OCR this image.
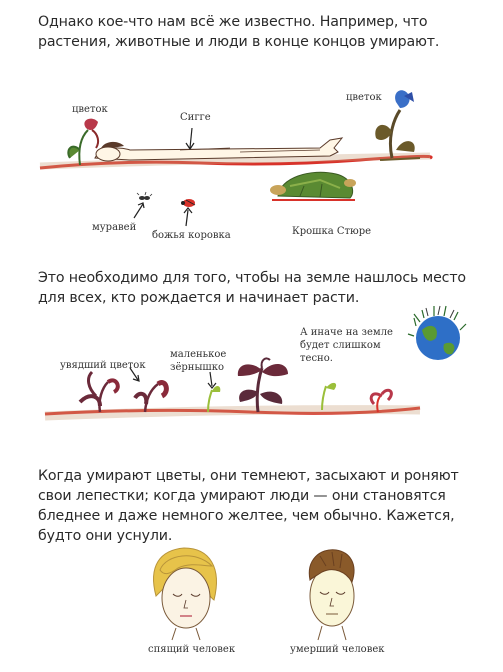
Однако кое-что нам всё же известно. Например, что растения, животные и люди в конце концов умирают.

цветок
Сигге
цветок
муравей
божья коровка	Крошка Стюре

Это необходимо для того, чтобы на земле нашлось место для всех, кто рождается и начинает расти.

увядший цветок
маленькое
зёрнышко
А иначе на земле
будет слишком
тесно.

Когда умирают цветы, они темнеют, засыхают и роняют свои лепестки; когда умирают люди — они становятся бледнее и даже немного желтее, чем обычно. Кажется, будто они уснули.

спящий человек	умерший человек
